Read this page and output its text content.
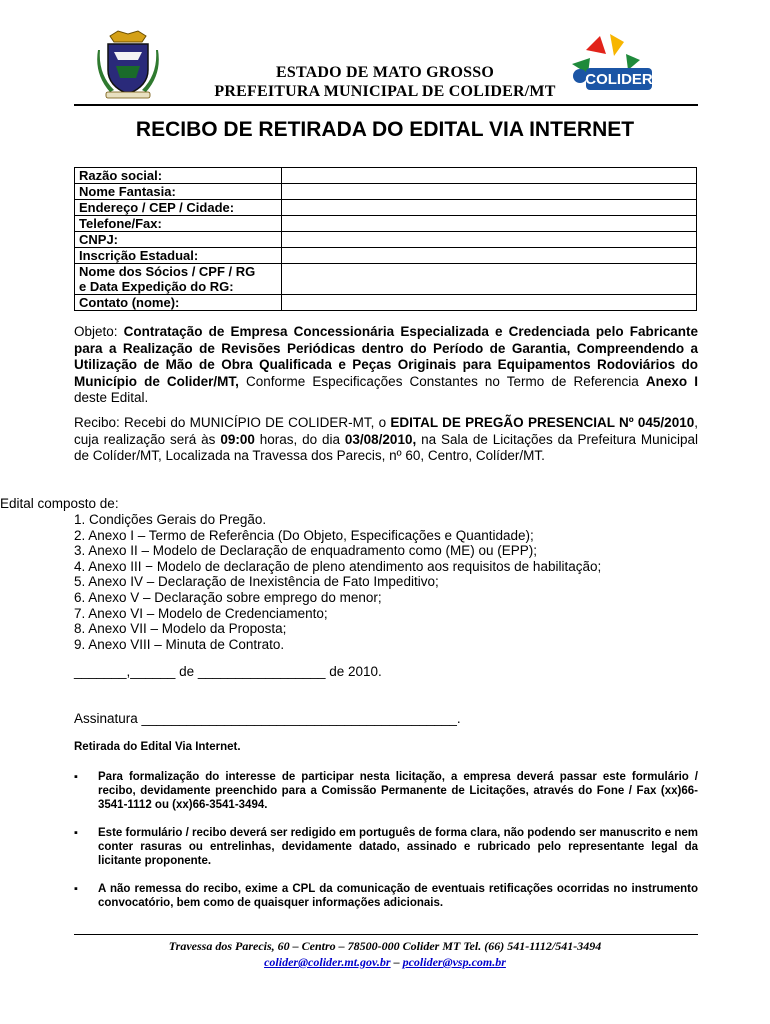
COLIDER
ESTADO DE MATO GROSSO
PREFEITURA MUNICIPAL DE COLIDER/MT
RECIBO DE RETIRADA DO EDITAL VIA INTERNET
Razão social:	
Nome Fantasia:	
Endereço / CEP / Cidade:	
Telefone/Fax:	
CNPJ:	
Inscrição Estadual:	

Nome dos Sócios / CPF / RG
e Data Expedição do RG:	

Contato (nome):	
Objeto: Contratação de Empresa Concessionária Especializada e Credenciada pelo Fabricante para a Realização de Revisões Periódicas dentro do Período de Garantia, Compreendendo a Utilização de Mão de Obra Qualificada e Peças Originais para Equipamentos Rodoviários do Município de Colider/MT, Conforme Especificações Constantes no Termo de Referencia Anexo I deste Edital.
Recibo: Recebi do MUNICÍPIO DE COLIDER-MT, o EDITAL DE PREGÃO PRESENCIAL Nº 045/2010, cuja realização será às 09:00 horas, do dia 03/08/2010, na Sala de Licitações da Prefeitura Municipal de Colíder/MT, Localizada na Travessa dos Parecis, nº 60, Centro, Colíder/MT.
Edital composto de:
1. Condições Gerais do Pregão.
2. Anexo I – Termo de Referência (Do Objeto, Especificações e Quantidade);
3. Anexo II – Modelo de Declaração de enquadramento como (ME) ou (EPP);
4. Anexo III − Modelo de declaração de pleno atendimento aos requisitos de habilitação;
5. Anexo IV – Declaração de Inexistência de Fato Impeditivo;
6. Anexo V – Declaração sobre emprego do menor;
7. Anexo VI – Modelo de Credenciamento;
8. Anexo VII – Modelo da Proposta;
9. Anexo VIII – Minuta de Contrato.
_______,______ de _________________ de 2010.
Assinatura __________________________________________.
Retirada do Edital Via Internet.
▪ Para formalização do interesse de participar nesta licitação, a empresa deverá passar este formulário / recibo, devidamente preenchido para a Comissão Permanente de Licitações, através do Fone / Fax (xx)66-3541-1112 ou (xx)66-3541-3494.
▪ Este formulário / recibo deverá ser redigido em português de forma clara, não podendo ser manuscrito e nem conter rasuras ou entrelinhas, devidamente datado, assinado e rubricado pelo representante legal da licitante proponente.
▪ A não remessa do recibo, exime a CPL da comunicação de eventuais retificações ocorridas no instrumento convocatório, bem como de quaisquer informações adicionais.
Travessa dos Parecis, 60 – Centro – 78500-000 Colider MT Tel. (66) 541-1112/541-3494
colider@colider.mt.gov.br – pcolider@vsp.com.br
